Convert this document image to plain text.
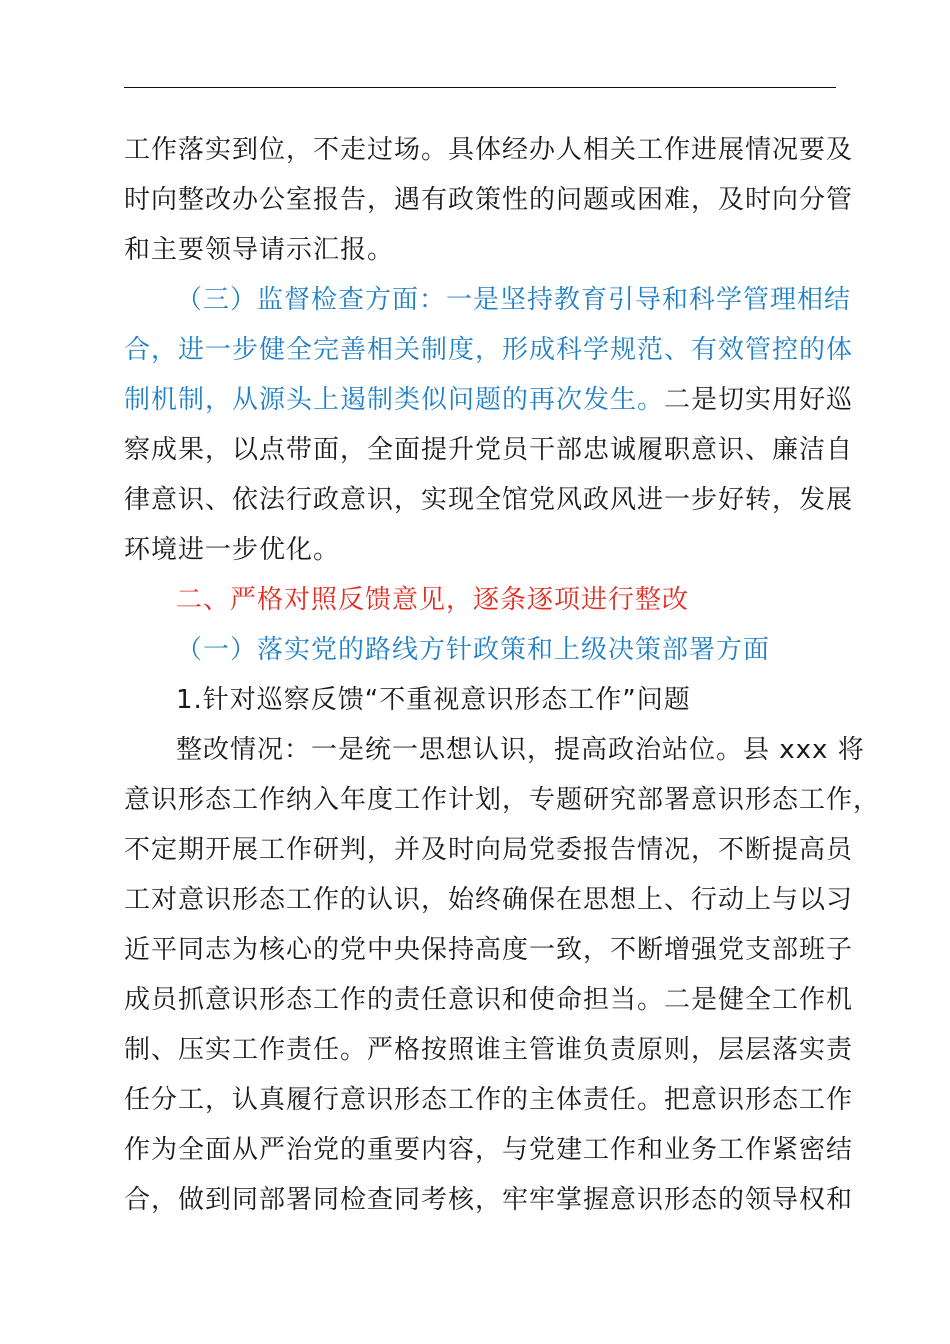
工作落实到位，不走过场。具体经办人相关工作进展情况要及
时向整改办公室报告，遇有政策性的问题或困难，及时向分管
和主要领导请示汇报。
（三）监督检查方面：一是坚持教育引导和科学管理相结
合，进一步健全完善相关制度，形成科学规范、有效管控的体
制机制，从源头上遏制类似问题的再次发生。二是切实用好巡
察成果，以点带面，全面提升党员干部忠诚履职意识、廉洁自
律意识、依法行政意识，实现全馆党风政风进一步好转，发展
环境进一步优化。
二、严格对照反馈意见，逐条逐项进行整改
（一）落实党的路线方针政策和上级决策部署方面
1.针对巡察反馈“不重视意识形态工作”问题
整改情况：一是统一思想认识，提高政治站位。县 xxx 将
意识形态工作纳入年度工作计划，专题研究部署意识形态工作，
不定期开展工作研判，并及时向局党委报告情况，不断提高员
工对意识形态工作的认识，始终确保在思想上、行动上与以习
近平同志为核心的党中央保持高度一致，不断增强党支部班子
成员抓意识形态工作的责任意识和使命担当。二是健全工作机
制、压实工作责任。严格按照谁主管谁负责原则，层层落实责
任分工，认真履行意识形态工作的主体责任。把意识形态工作
作为全面从严治党的重要内容，与党建工作和业务工作紧密结
合，做到同部署同检查同考核，牢牢掌握意识形态的领导权和
